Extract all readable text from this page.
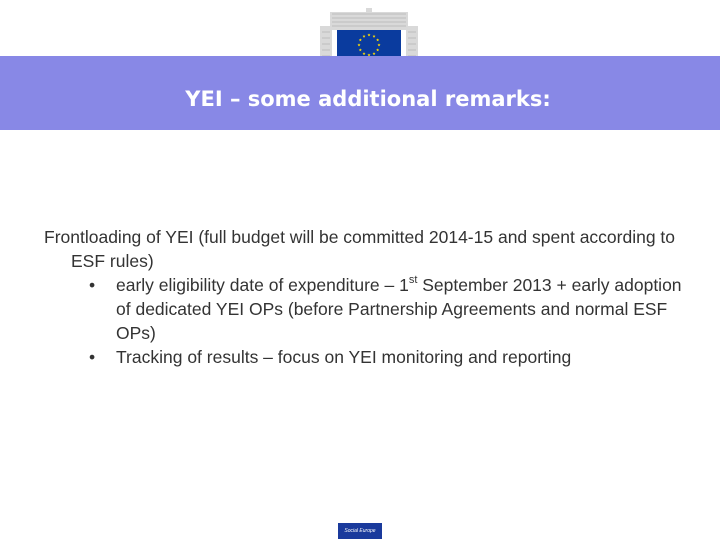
YEI – some additional remarks:
Frontloading of YEI (full budget will be committed 2014-15 and spent according to ESF rules)
• early eligibility date of expenditure – 1st September 2013 + early adoption of dedicated YEI OPs (before Partnership Agreements and normal ESF OPs)
• Tracking of results – focus on YEI monitoring and reporting
Social Europe
